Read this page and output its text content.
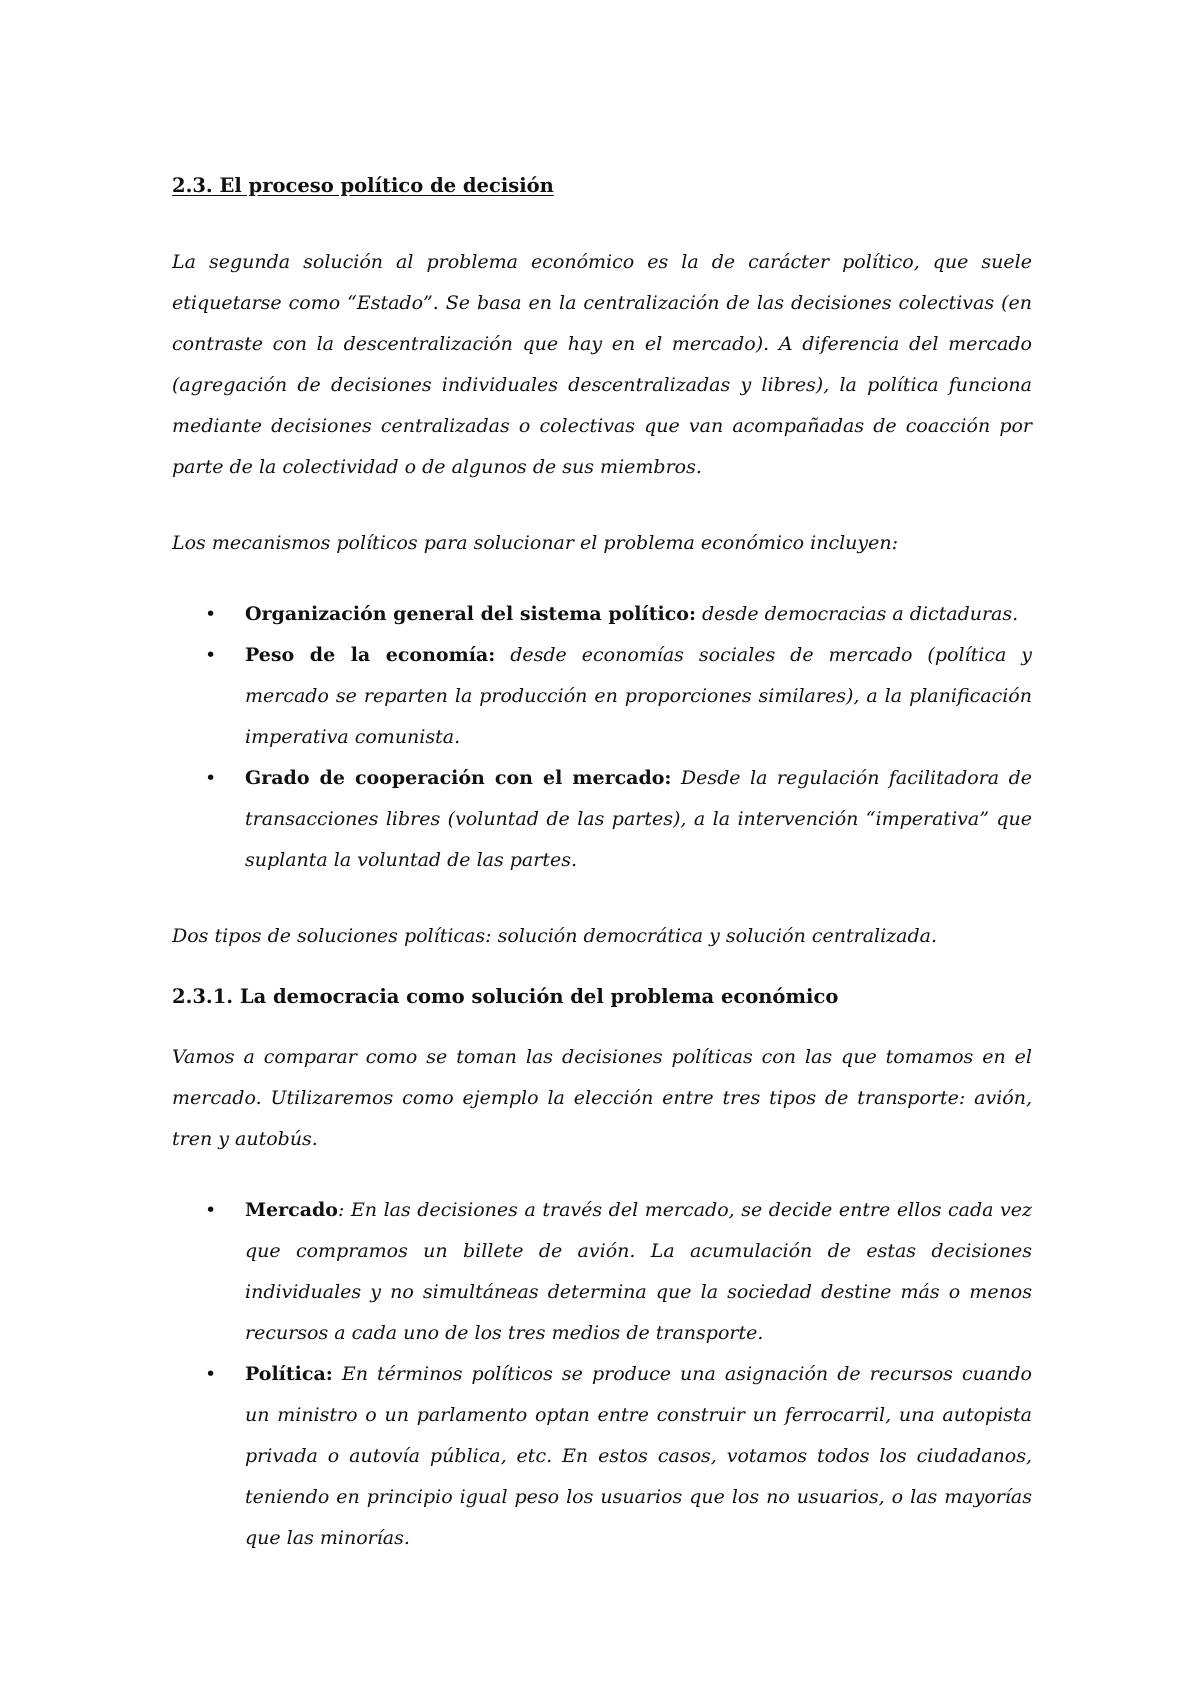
2.3. El proceso político de decisión

La segunda solución al problema económico es la de carácter político, que suele etiquetarse como “Estado”. Se basa en la centralización de las decisiones colectivas (en contraste con la descentralización que hay en el mercado). A diferencia del mercado (agregación de decisiones individuales descentralizadas y libres), la política funciona mediante decisiones centralizadas o colectivas que van acompañadas de coacción por parte de la colectividad o de algunos de sus miembros.

Los mecanismos políticos para solucionar el problema económico incluyen:

• Organización general del sistema político: desde democracias a dictaduras.
• Peso de la economía: desde economías sociales de mercado (política y mercado se reparten la producción en proporciones similares), a la planificación imperativa comunista.
• Grado de cooperación con el mercado: Desde la regulación facilitadora de transacciones libres (voluntad de las partes), a la intervención “imperativa” que suplanta la voluntad de las partes.

Dos tipos de soluciones políticas: solución democrática y solución centralizada.

2.3.1. La democracia como solución del problema económico

Vamos a comparar como se toman las decisiones políticas con las que tomamos en el mercado. Utilizaremos como ejemplo la elección entre tres tipos de transporte: avión, tren y autobús.

• Mercado: En las decisiones a través del mercado, se decide entre ellos cada vez que compramos un billete de avión. La acumulación de estas decisiones individuales y no simultáneas determina que la sociedad destine más o menos recursos a cada uno de los tres medios de transporte.
• Política: En términos políticos se produce una asignación de recursos cuando un ministro o un parlamento optan entre construir un ferrocarril, una autopista privada o autovía pública, etc. En estos casos, votamos todos los ciudadanos, teniendo en principio igual peso los usuarios que los no usuarios, o las mayorías que las minorías.
